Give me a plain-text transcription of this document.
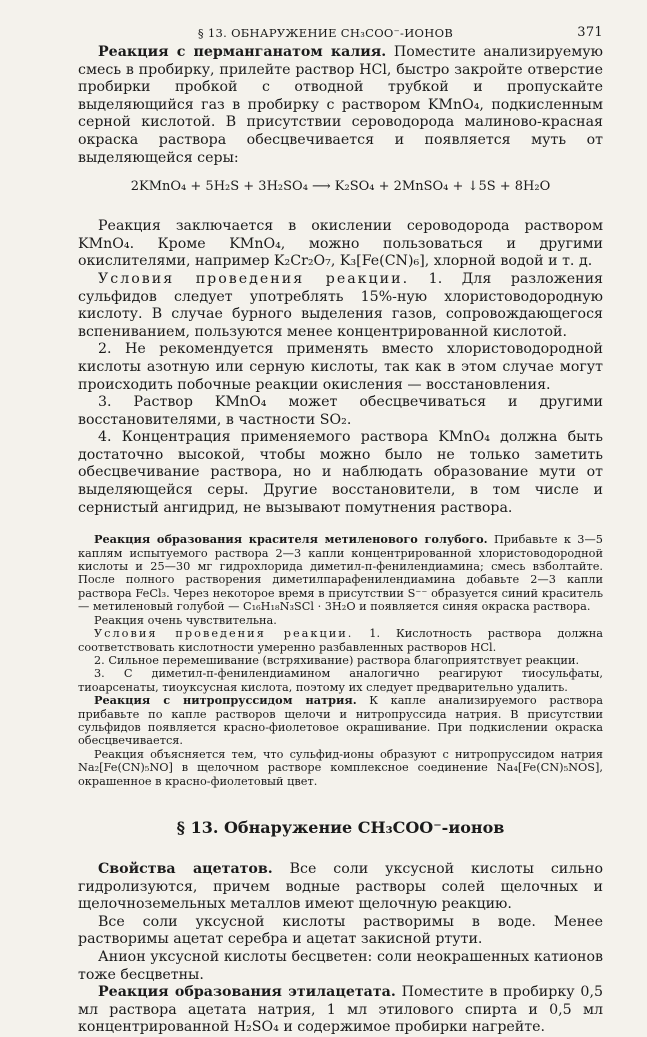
§ 13. ОБНАРУЖЕНИЕ CH₃COO⁻-ИОНОВ	371

Реакция с перманганатом калия. Поместите анализируемую смесь в пробирку, прилейте раствор HCl, быстро закройте отверстие пробирки пробкой с отводной трубкой и пропускайте выделяющийся газ в пробирку с раствором KMnO₄, подкисленным серной кислотой. В присутствии сероводорода малиново-красная окраска раствора обесцвечивается и появляется муть от выделяющейся серы:

2KMnO₄ + 5H₂S + 3H₂SO₄ ⟶ K₂SO₄ + 2MnSO₄ + ↓5S + 8H₂O

Реакция заключается в окислении сероводорода раствором KMnO₄. Кроме KMnO₄, можно пользоваться и другими окислителями, например K₂Cr₂O₇, K₃[Fe(CN)₆], хлорной водой и т. д.

Условия проведения реакции. 1. Для разложения сульфидов следует употреблять 15%-ную хлористоводородную кислоту. В случае бурного выделения газов, сопровождающегося вспениванием, пользуются менее концентрированной кислотой.

2. Не рекомендуется применять вместо хлористоводородной кислоты азотную или серную кислоты, так как в этом случае могут происходить побочные реакции окисления — восстановления.

3. Раствор KMnO₄ может обесцвечиваться и другими восстановителями, в частности SO₂.

4. Концентрация применяемого раствора KMnO₄ должна быть достаточно высокой, чтобы можно было не только заметить обесцвечивание раствора, но и наблюдать образование мути от выделяющейся серы. Другие восстановители, в том числе и сернистый ангидрид, не вызывают помутнения раствора.

Реакция образования красителя метиленового голубого. Прибавьте к 3—5 каплям испытуемого раствора 2—3 капли концентрированной хлористоводородной кислоты и 25—30 мг гидрохлорида диметил-п-фенилендиамина; смесь взболтайте. После полного растворения диметилпарафенилендиамина добавьте 2—3 капли раствора FeCl₃. Через некоторое время в присутствии S⁻⁻ образуется синий краситель — метиленовый голубой — C₁₆H₁₈N₃SCl · 3H₂O и появляется синяя окраска раствора.

Реакция очень чувствительна.

Условия проведения реакции. 1. Кислотность раствора должна соответствовать кислотности умеренно разбавленных растворов HCl.

2. Сильное перемешивание (встряхивание) раствора благоприятствует реакции.

3. С диметил-п-фенилендиамином аналогично реагируют тиосульфаты, тиоарсенаты, тиоуксусная кислота, поэтому их следует предварительно удалить.

Реакция с нитропруссидом натрия. К капле анализируемого раствора прибавьте по капле растворов щелочи и нитропруссида натрия. В присутствии сульфидов появляется красно-фиолетовое окрашивание. При подкислении окраска обесцвечивается.

Реакция объясняется тем, что сульфид-ионы образуют с нитропруссидом натрия Na₂[Fe(CN)₅NO] в щелочном растворе комплексное соединение Na₄[Fe(CN)₅NOS], окрашенное в красно-фиолетовый цвет.

§ 13. Обнаружение CH₃COO⁻-ионов

Свойства ацетатов. Все соли уксусной кислоты сильно гидролизуются, причем водные растворы солей щелочных и щелочноземельных металлов имеют щелочную реакцию.

Все соли уксусной кислоты растворимы в воде. Менее растворимы ацетат серебра и ацетат закисной ртути.

Анион уксусной кислоты бесцветен: соли неокрашенных катионов тоже бесцветны.

Реакция образования этилацетата. Поместите в пробирку 0,5 мл раствора ацетата натрия, 1 мл этилового спирта и 0,5 мл концентрированной H₂SO₄ и содержимое пробирки нагрейте.
